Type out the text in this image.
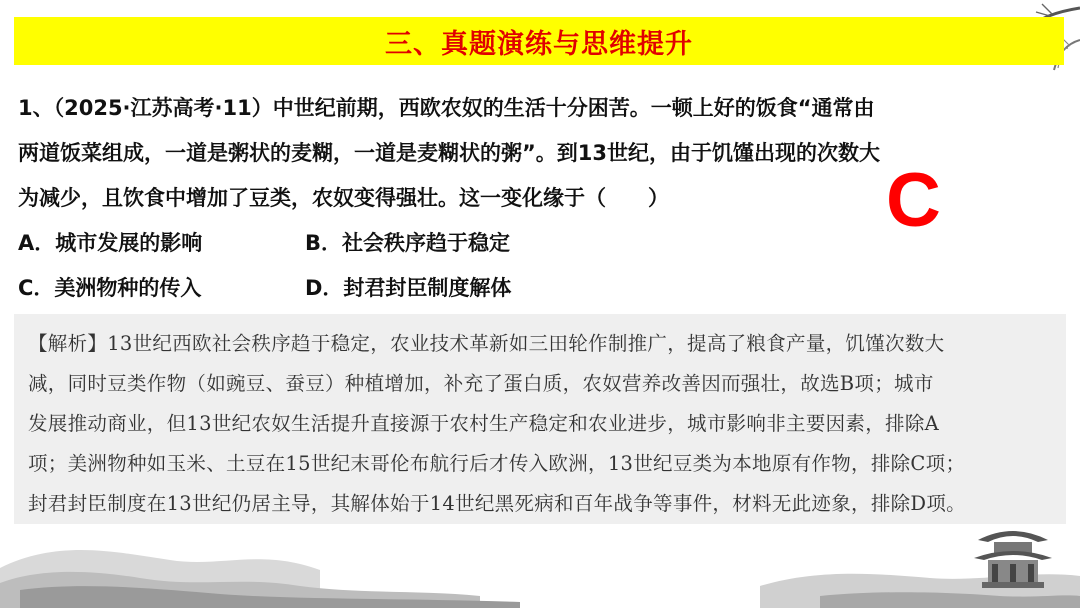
三、真题演练与思维提升
1、（2025·江苏高考·11）中世纪前期，西欧农奴的生活十分困苦。一顿上好的饭食“通常由
两道饭菜组成，一道是粥状的麦糊，一道是麦糊状的粥”。到13世纪，由于饥馑出现的次数大
为减少，且饮食中增加了豆类，农奴变得强壮。这一变化缘于（　　）
A．城市发展的影响	B．社会秩序趋于稳定
C．美洲物种的传入	D．封君封臣制度解体
C
【解析】13世纪西欧社会秩序趋于稳定，农业技术革新如三田轮作制推广，提高了粮食产量，饥馑次数大
减，同时豆类作物（如豌豆、蚕豆）种植增加，补充了蛋白质，农奴营养改善因而强壮，故选B项；城市
发展推动商业，但13世纪农奴生活提升直接源于农村生产稳定和农业进步，城市影响非主要因素，排除A
项；美洲物种如玉米、土豆在15世纪末哥伦布航行后才传入欧洲，13世纪豆类为本地原有作物，排除C项；
封君封臣制度在13世纪仍居主导，其解体始于14世纪黑死病和百年战争等事件，材料无此迹象，排除D项。
